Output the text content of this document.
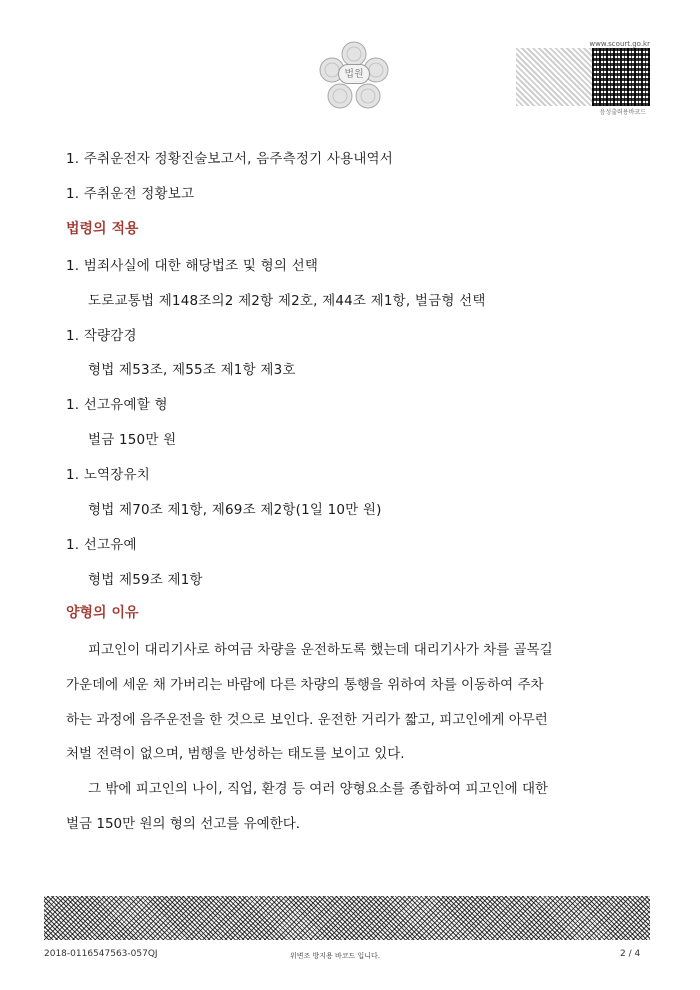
법원
www.scourt.go.kr
음성출력용바코드
1. 주취운전자 정황진술보고서, 음주측정기 사용내역서
1. 주취운전 정황보고
법령의 적용
1. 범죄사실에 대한 해당법조 및 형의 선택
도로교통법 제148조의2 제2항 제2호, 제44조 제1항, 벌금형 선택
1. 작량감경
형법 제53조, 제55조 제1항 제3호
1. 선고유예할 형
벌금 150만 원
1. 노역장유치
형법 제70조 제1항, 제69조 제2항(1일 10만 원)
1. 선고유예
형법 제59조 제1항
양형의 이유
피고인이 대리기사로 하여금 차량을 운전하도록 했는데 대리기사가 차를 골목길
가운데에 세운 채 가버리는 바람에 다른 차량의 통행을 위하여 차를 이동하여 주차
하는 과정에 음주운전을 한 것으로 보인다. 운전한 거리가 짧고, 피고인에게 아무런
처벌 전력이 없으며, 범행을 반성하는 태도를 보이고 있다.
그 밖에 피고인의 나이, 직업, 환경 등 여러 양형요소를 종합하여 피고인에 대한
벌금 150만 원의 형의 선고를 유예한다.
2018-0116547563-057QJ	위변조 방지용 바코드 입니다.	2 / 4
